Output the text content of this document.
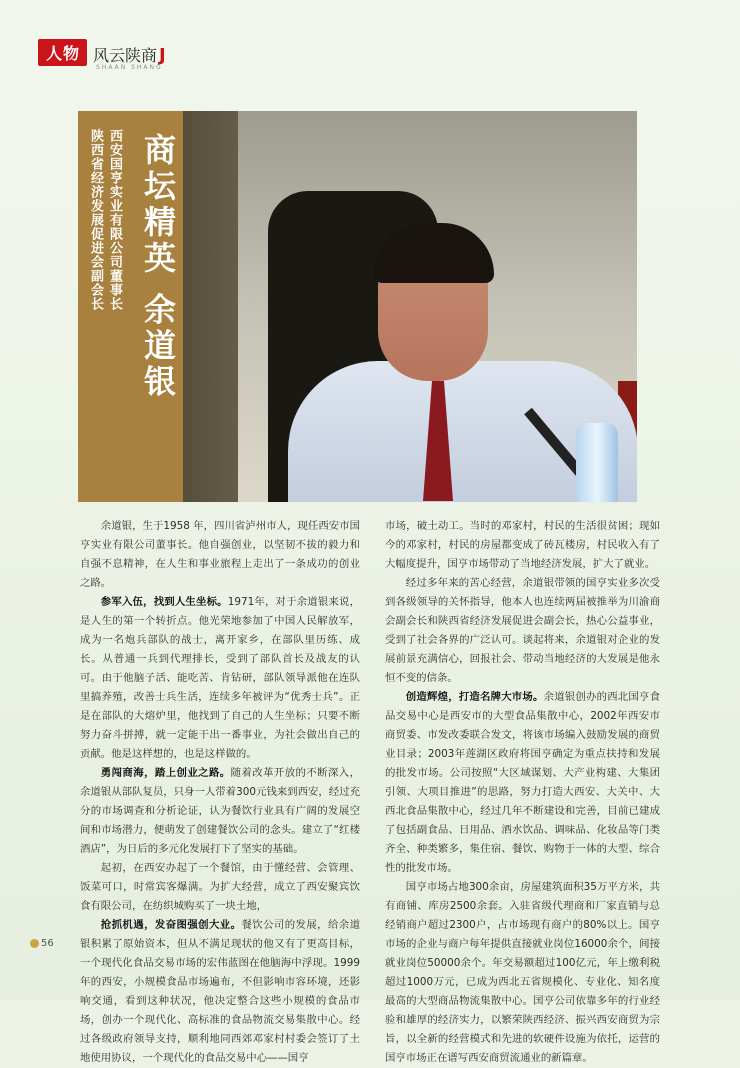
人物 风云陕商 J
SHAAN SHANG
陕西省经济发展促进会副会长 西安国亨实业有限公司董事长 商坛精英 余道银

余道银，生于1958 年，四川省泸州市人，现任西安市国亨实业有限公司董事长。他自强创业，以坚韧不拔的毅力和自强不息精神，在人生和事业旅程上走出了一条成功的创业之路。

参军入伍，找到人生坐标。1971年，对于余道银来说，是人生的第一个转折点。他光荣地参加了中国人民解放军，成为一名炮兵部队的战士，离开家乡，在部队里历练、成长。从普通一兵到代理排长，受到了部队首长及战友的认可。由于他脑子活、能吃苦、肯钻研，部队领导派他在连队里搞养殖，改善士兵生活，连续多年被评为“优秀士兵”。正是在部队的大熔炉里，他找到了自己的人生坐标；只要不断努力奋斗拼搏，就一定能干出一番事业，为社会做出自己的贡献。他是这样想的，也是这样做的。

勇闯商海，踏上创业之路。随着改革开放的不断深入，余道银从部队复员，只身一人带着300元钱来到西安，经过充分的市场调查和分析论证，认为餐饮行业具有广阔的发展空间和市场潜力，便萌发了创建餐饮公司的念头。建立了“红楼酒店”，为日后的多元化发展打下了坚实的基础。

起初，在西安办起了一个餐馆，由于懂经营、会管理、饭菜可口，时常宾客爆满。为扩大经营，成立了西安聚宾饮食有限公司，在纺织城购买了一块土地，

抢抓机遇，发奋图强创大业。餐饮公司的发展，给余道银积累了原始资本，但从不满足现状的他又有了更高目标，一个现代化食品交易市场的宏伟蓝图在他脑海中浮现。1999年的西安，小规模食品市场遍布，不但影响市容环境，还影响交通，看到这种状况，他决定整合这些小规模的食品市场，创办一个现代化、高标准的食品物流交易集散中心。经过各级政府领导支持，顺利地同西郊邓家村村委会签订了土地使用协议，一个现代化的食品交易中心——国亨

市场，破土动工。当时的邓家村，村民的生活很贫困；现如今的邓家村，村民的房屋都变成了砖瓦楼房，村民收入有了大幅度提升，国亨市场带动了当地经济发展，扩大了就业。

经过多年来的苦心经营，余道银带领的国亨实业多次受到各级领导的关怀指导，他本人也连续两届被推举为川渝商会副会长和陕西省经济发展促进会副会长，热心公益事业，受到了社会各界的广泛认可。谈起将来，余道银对企业的发展前景充满信心，回报社会、带动当地经济的大发展是他永恒不变的信条。

创造辉煌，打造名牌大市场。余道银创办的西北国亨食品交易中心是西安市的大型食品集散中心，2002年西安市商贸委、市发改委联合发文，将该市场编入鼓励发展的商贸业目录；2003年莲湖区政府将国亨确定为重点扶持和发展的批发市场。公司按照“大区域谋划、大产业构建、大集团引领、大项目推进”的思路，努力打造大西安、大关中、大西北食品集散中心，经过几年不断建设和完善，目前已建成了包括副食品、日用品、酒水饮品、调味品、化妆品等门类齐全、种类繁多，集住宿、餐饮、购物于一体的大型、综合性的批发市场。

国亨市场占地300余亩，房屋建筑面积35万平方米，共有商铺、库房2500余套。入驻省级代理商和厂家直销与总经销商户超过2300户，占市场现有商户的80%以上。国亨市场的企业与商户每年提供直接就业岗位16000余个，间接就业岗位50000余个。年交易额超过100亿元，年上缴利税超过1000万元，已成为西北五省规模化、专业化、知名度最高的大型商品物流集散中心。国亨公司依靠多年的行业经验和雄厚的经济实力，以繁荣陕西经济、振兴西安商贸为宗旨，以全新的经营模式和先进的软硬件设施为依托，运营的国亨市场正在谱写西安商贸流通业的新篇章。

56
